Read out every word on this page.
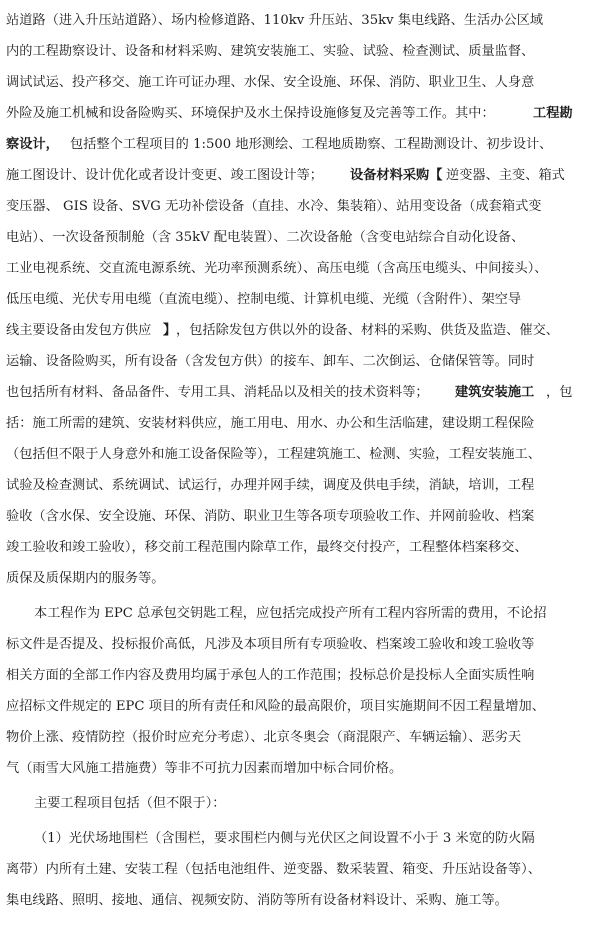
站道路（进入升压站道路）、场内检修道路、110kv 升压站、35kv 集电线路、生活办公区域
内的工程勘察设计、设备和材料采购、建筑安装施工、实验、试验、检查测试、质量监督、
调试试运、投产移交、施工许可证办理、水保、安全设施、环保、消防、职业卫生、人身意
外险及施工机械和设备险购买、环境保护及水土保持设施修复及完善等工作。其中：	工程勘
察设计， 包括整个工程项目的 1:500 地形测绘、工程地质勘察、工程勘测设计、初步设计、
施工图设计、设计优化或者设计变更、竣工图设计等； 设备材料采购【 逆变器、主变、箱式
变压器、 GIS 设备、SVG 无功补偿设备（直挂、水冷、集装箱）、站用变设备（成套箱式变
电站）、一次设备预制舱（含 35kV 配电装置）、二次设备舱（含变电站综合自动化设备、
工业电视系统、交直流电源系统、光功率预测系统）、高压电缆（含高压电缆头、中间接头）、
低压电缆、光伏专用电缆（直流电缆）、控制电缆、计算机电缆、光缆（含附件）、架空导
线主要设备由发包方供应 】 ，包括除发包方供以外的设备、材料的采购、供货及监造、催交、
运输、设备险购买，所有设备（含发包方供）的接车、卸车、二次倒运、仓储保管等。同时
也包括所有材料、备品备件、专用工具、消耗品以及相关的技术资料等； 建筑安装施工 ，包
括：施工所需的建筑、安装材料供应，施工用电、用水、办公和生活临建，建设期工程保险
（包括但不限于人身意外和施工设备保险等），工程建筑施工、检测、实验，工程安装施工、
试验及检查测试、系统调试、试运行，办理并网手续，调度及供电手续，消缺，培训，工程
验收（含水保、安全设施、环保、消防、职业卫生等各项专项验收工作、并网前验收、档案
竣工验收和竣工验收），移交前工程范围内除草工作，最终交付投产，工程整体档案移交、
质保及质保期内的服务等。
本工程作为 EPC 总承包交钥匙工程，应包括完成投产所有工程内容所需的费用，不论招
标文件是否提及、投标报价高低，凡涉及本项目所有专项验收、档案竣工验收和竣工验收等
相关方面的全部工作内容及费用均属于承包人的工作范围；投标总价是投标人全面实质性响
应招标文件规定的 EPC 项目的所有责任和风险的最高限价，项目实施期间不因工程量增加、
物价上涨、疫情防控（报价时应充分考虑）、北京冬奥会（商混限产、车辆运输）、恶劣天
气（雨雪大风施工措施费）等非不可抗力因素而增加中标合同价格。
主要工程项目包括（但不限于）：
（1）光伏场地围栏（含围栏，要求围栏内侧与光伏区之间设置不小于 3 米宽的防火隔
离带）内所有土建、安装工程（包括电池组件、逆变器、数采装置、箱变、升压站设备等）、
集电线路、照明、接地、通信、视频安防、消防等所有设备材料设计、采购、施工等。
